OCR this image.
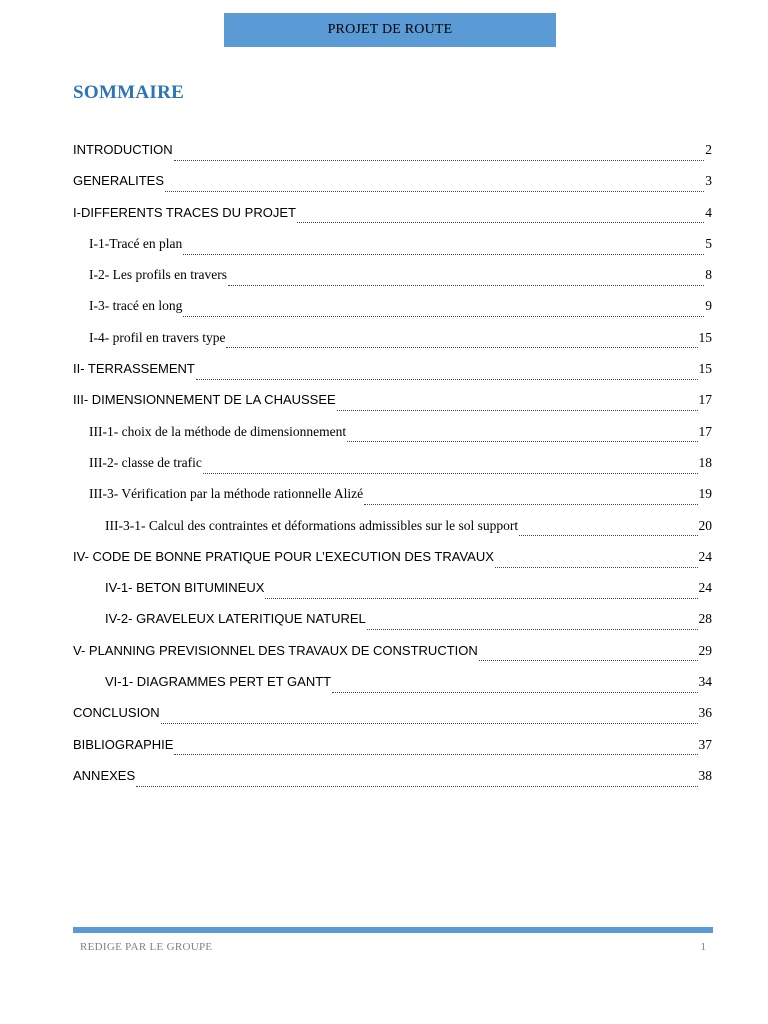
PROJET DE ROUTE
SOMMAIRE
INTRODUCTION	2
GENERALITES	3
I-DIFFERENTS TRACES DU PROJET	4
I-1-Tracé en plan	5
I-2- Les profils en travers	8
I-3- tracé en long	9
I-4- profil en travers type	15
II- TERRASSEMENT	15
III- DIMENSIONNEMENT DE LA CHAUSSEE	17
III-1- choix de la méthode de dimensionnement	17
III-2- classe de trafic	18
III-3- Vérification par la méthode rationnelle Alizé	19
III-3-1- Calcul des contraintes et déformations admissibles sur le sol support	20
IV- CODE DE BONNE PRATIQUE POUR L’EXECUTION DES TRAVAUX	24
IV-1- BETON BITUMINEUX	24
IV-2- GRAVELEUX LATERITIQUE NATUREL	28
V- PLANNING PREVISIONNEL DES TRAVAUX DE CONSTRUCTION	29
VI-1- DIAGRAMMES PERT ET GANTT	34
CONCLUSION	36
BIBLIOGRAPHIE	37
ANNEXES	38
REDIGE PAR LE GROUPE	1
